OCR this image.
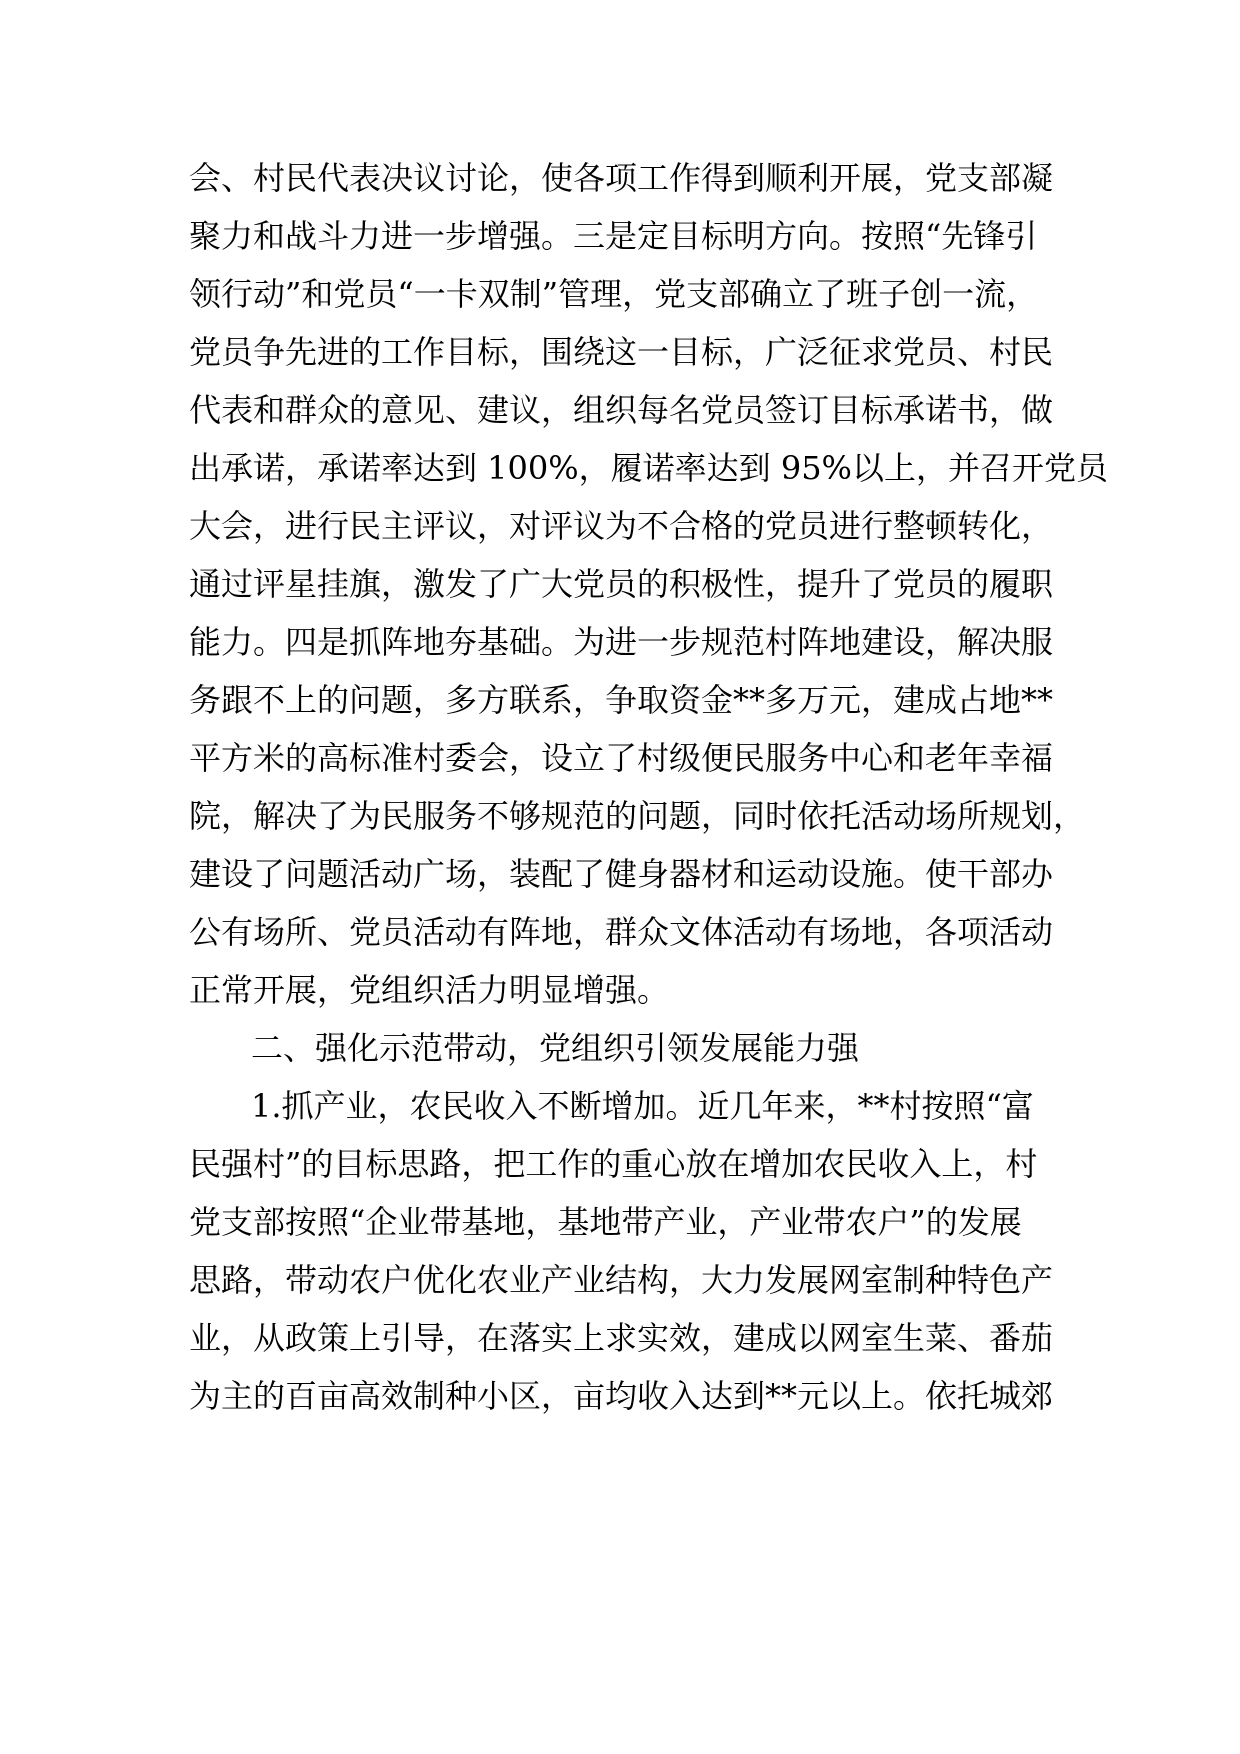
会、村民代表决议讨论，使各项工作得到顺利开展，党支部凝
聚力和战斗力进一步增强。三是定目标明方向。按照“先锋引
领行动”和党员“一卡双制”管理，党支部确立了班子创一流，
党员争先进的工作目标，围绕这一目标，广泛征求党员、村民
代表和群众的意见、建议，组织每名党员签订目标承诺书，做
出承诺，承诺率达到 100%，履诺率达到 95%以上，并召开党员
大会，进行民主评议，对评议为不合格的党员进行整顿转化，
通过评星挂旗，激发了广大党员的积极性，提升了党员的履职
能力。四是抓阵地夯基础。为进一步规范村阵地建设，解决服
务跟不上的问题，多方联系，争取资金**多万元，建成占地**
平方米的高标准村委会，设立了村级便民服务中心和老年幸福
院，解决了为民服务不够规范的问题，同时依托活动场所规划，
建设了问题活动广场，装配了健身器材和运动设施。使干部办
公有场所、党员活动有阵地，群众文体活动有场地，各项活动
正常开展，党组织活力明显增强。
二、强化示范带动，党组织引领发展能力强
1.抓产业，农民收入不断增加。近几年来，**村按照“富
民强村”的目标思路，把工作的重心放在增加农民收入上，村
党支部按照“企业带基地，基地带产业，产业带农户”的发展
思路，带动农户优化农业产业结构，大力发展网室制种特色产
业，从政策上引导，在落实上求实效，建成以网室生菜、番茄
为主的百亩高效制种小区，亩均收入达到**元以上。依托城郊
